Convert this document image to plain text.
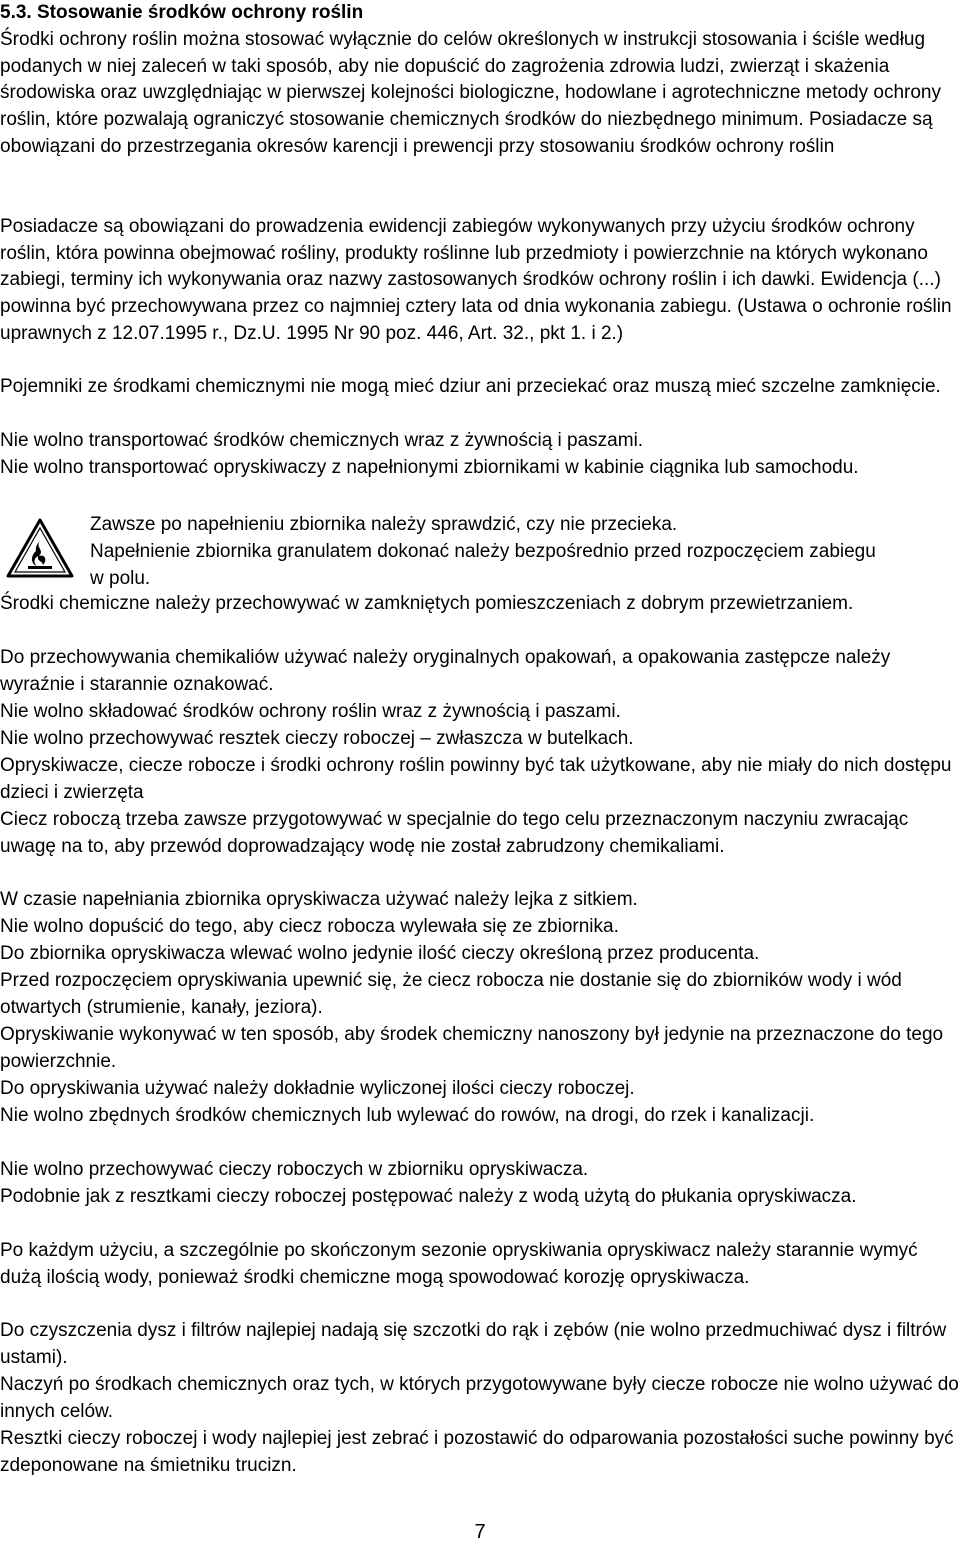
5.3. Stosowanie środków ochrony roślin

Środki ochrony roślin można stosować wyłącznie do celów określonych w instrukcji stosowania i ściśle według podanych w niej zaleceń w taki sposób, aby nie dopuścić do zagrożenia zdrowia ludzi, zwierząt i skażenia środowiska oraz uwzględniając w pierwszej kolejności biologiczne, hodowlane i agrotechniczne metody ochrony roślin, które pozwalają ograniczyć stosowanie chemicznych środków do niezbędnego minimum. Posiadacze są obowiązani do przestrzegania okresów karencji i prewencji przy stosowaniu środków ochrony roślin

Posiadacze są obowiązani do prowadzenia ewidencji zabiegów wykonywanych przy użyciu środków ochrony roślin, która powinna obejmować rośliny, produkty roślinne lub przedmioty i powierzchnie na których wykonano zabiegi, terminy ich wykonywania oraz nazwy zastosowanych środków ochrony roślin i ich dawki. Ewidencja (...) powinna być przechowywana przez co najmniej cztery lata od dnia wykonania zabiegu. (Ustawa o ochronie roślin uprawnych z 12.07.1995 r., Dz.U. 1995 Nr 90 poz. 446, Art. 32., pkt 1. i 2.)

Pojemniki ze środkami chemicznymi nie mogą mieć dziur ani przeciekać oraz muszą mieć szczelne zamknięcie.

Nie wolno transportować środków chemicznych wraz z żywnością i paszami.

Nie wolno transportować opryskiwaczy z napełnionymi zbiornikami w kabinie ciągnika lub samochodu.

Zawsze po napełnieniu zbiornika należy sprawdzić, czy nie przecieka.
Napełnienie zbiornika granulatem dokonać należy bezpośrednio przed rozpoczęciem zabiegu w polu.

Środki chemiczne należy przechowywać w zamkniętych pomieszczeniach z dobrym przewietrzaniem.

Do przechowywania chemikaliów używać należy oryginalnych opakowań, a opakowania zastępcze należy wyraźnie i starannie oznakować.

Nie wolno składować środków ochrony roślin wraz z żywnością i paszami.

Nie wolno przechowywać resztek cieczy roboczej – zwłaszcza w butelkach.

Opryskiwacze, ciecze robocze i środki ochrony roślin powinny być tak użytkowane, aby nie miały do nich dostępu dzieci i zwierzęta

Ciecz roboczą trzeba zawsze przygotowywać w specjalnie do tego celu przeznaczonym naczyniu zwracając uwagę na to, aby przewód doprowadzający wodę nie został zabrudzony chemikaliami.

W czasie napełniania zbiornika opryskiwacza używać należy lejka z sitkiem.

Nie wolno dopuścić do tego, aby ciecz robocza wylewała się ze zbiornika.

Do zbiornika opryskiwacza wlewać wolno jedynie ilość cieczy określoną przez producenta.

Przed rozpoczęciem opryskiwania upewnić się, że ciecz robocza nie dostanie się do zbiorników wody i wód otwartych (strumienie, kanały, jeziora).

Opryskiwanie wykonywać w ten sposób, aby środek chemiczny nanoszony był jedynie na przeznaczone do tego powierzchnie.

Do opryskiwania używać należy dokładnie wyliczonej ilości cieczy roboczej.

Nie wolno zbędnych środków chemicznych lub wylewać do rowów, na drogi, do rzek i kanalizacji.

Nie wolno przechowywać cieczy roboczych w zbiorniku opryskiwacza.

Podobnie jak z resztkami cieczy roboczej postępować należy z wodą użytą do płukania opryskiwacza.

Po każdym użyciu, a szczególnie po skończonym sezonie opryskiwania opryskiwacz należy starannie wymyć dużą ilością wody, ponieważ środki chemiczne mogą spowodować korozję opryskiwacza.

Do czyszczenia dysz i filtrów najlepiej nadają się szczotki do rąk i zębów (nie wolno przedmuchiwać dysz i filtrów ustami).

Naczyń po środkach chemicznych oraz tych, w których przygotowywane były ciecze robocze nie wolno używać do innych celów.

Resztki cieczy roboczej i wody najlepiej jest zebrać i pozostawić do odparowania pozostałości suche powinny być zdeponowane na śmietniku trucizn.

7
